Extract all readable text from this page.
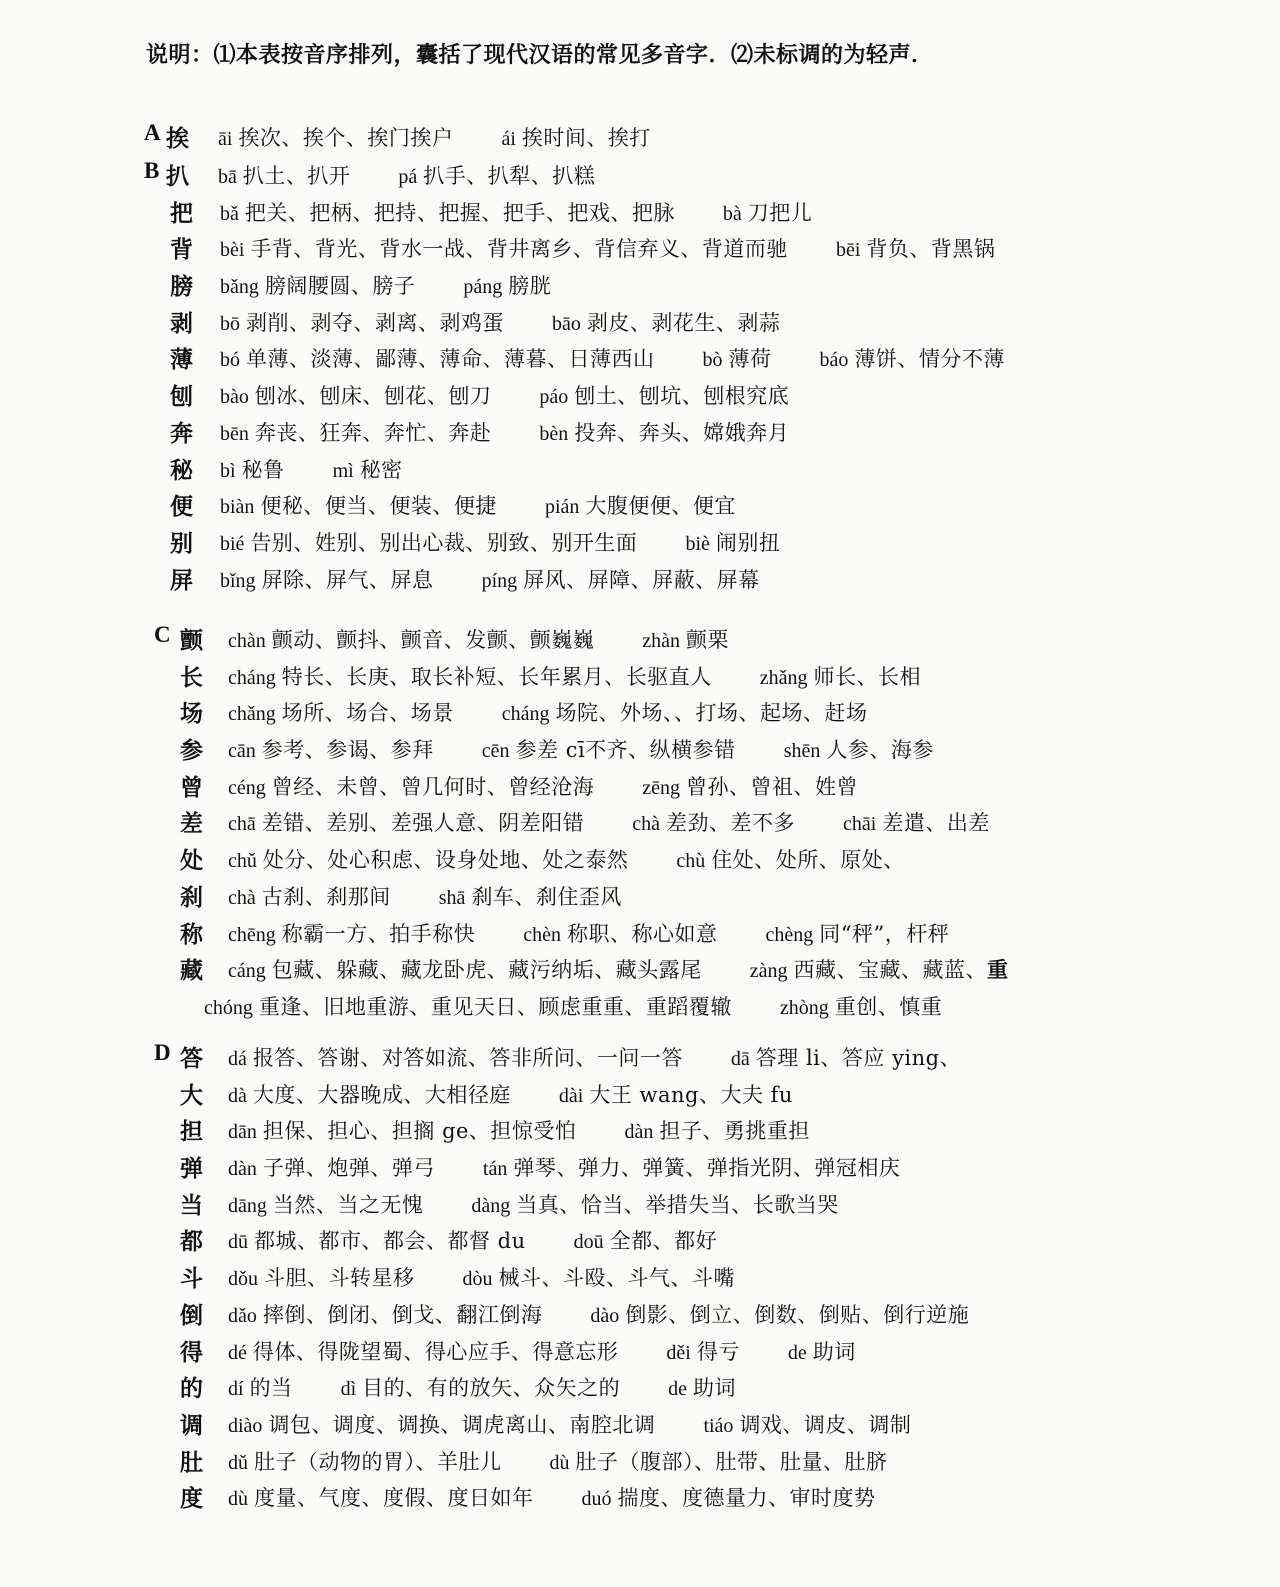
说明：⑴本表按音序排列，囊括了现代汉语的常见多音字．⑵未标调的为轻声．
A 挨 āi 挨次、挨个、挨门挨户 ái 挨时间、挨打
B 扒 bā 扒土、扒开 pá 扒手、扒犁、扒糕
把 bǎ 把关、把柄、把持、把握、把手、把戏、把脉 bà 刀把儿
背 bèi 手背、背光、背水一战、背井离乡、背信弃义、背道而驰 bēi 背负、背黑锅
膀 bǎng 膀阔腰圆、膀子 páng 膀胱
剥 bō 剥削、剥夺、剥离、剥鸡蛋 bāo 剥皮、剥花生、剥蒜
薄 bó 单薄、淡薄、鄙薄、薄命、薄暮、日薄西山 bò 薄荷 báo 薄饼、情分不薄
刨 bào 刨冰、刨床、刨花、刨刀 páo 刨土、刨坑、刨根究底
奔 bēn 奔丧、狂奔、奔忙、奔赴 bèn 投奔、奔头、嫦娥奔月
秘 bì 秘鲁 mì 秘密
便 biàn 便秘、便当、便装、便捷 pián 大腹便便、便宜
别 bié 告别、姓别、别出心裁、别致、别开生面 biè 闹别扭
屏 bǐng 屏除、屏气、屏息 píng 屏风、屏障、屏蔽、屏幕
C 颤 chàn 颤动、颤抖、颤音、发颤、颤巍巍 zhàn 颤栗
长 cháng 特长、长庚、取长补短、长年累月、长驱直人 zhǎng 师长、长相
场 chǎng 场所、场合、场景 cháng 场院、外场、、打场、起场、赶场
参 cān 参考、参谒、参拜 cēn 参差 cī不齐、纵横参错 shēn 人参、海参
曾 céng 曾经、未曾、曾几何时、曾经沧海 zēng 曾孙、曾祖、姓曾
差 chā 差错、差别、差强人意、阴差阳错 chà 差劲、差不多 chāi 差遣、出差
处 chǔ 处分、处心积虑、设身处地、处之泰然 chù 住处、处所、原处、
刹 chà 古刹、刹那间 shā 刹车、刹住歪风
称 chēng 称霸一方、拍手称快 chèn 称职、称心如意 chèng 同“秤”，杆秤
藏 cáng 包藏、躲藏、藏龙卧虎、藏污纳垢、藏头露尾 zàng 西藏、宝藏、藏蓝、重
chóng 重逢、旧地重游、重见天日、顾虑重重、重蹈覆辙 zhòng 重创、慎重
D 答 dá 报答、答谢、对答如流、答非所问、一问一答 dā 答理 li、答应 ying、
大 dà 大度、大器晚成、大相径庭 dài 大王 wang、大夫 fu
担 dān 担保、担心、担搁 ge、担惊受怕 dàn 担子、勇挑重担
弹 dàn 子弹、炮弹、弹弓 tán 弹琴、弹力、弹簧、弹指光阴、弹冠相庆
当 dāng 当然、当之无愧 dàng 当真、恰当、举措失当、长歌当哭
都 dū 都城、都市、都会、都督 du doū 全都、都好
斗 dǒu 斗胆、斗转星移 dòu 械斗、斗殴、斗气、斗嘴
倒 dǎo 摔倒、倒闭、倒戈、翻江倒海 dào 倒影、倒立、倒数、倒贴、倒行逆施
得 dé 得体、得陇望蜀、得心应手、得意忘形 děi 得亏 de 助词
的 dí 的当 dì 目的、有的放矢、众矢之的 de 助词
调 diào 调包、调度、调换、调虎离山、南腔北调 tiáo 调戏、调皮、调制
肚 dǔ 肚子（动物的胃）、羊肚儿 dù 肚子（腹部）、肚带、肚量、肚脐
度 dù 度量、气度、度假、度日如年 duó 揣度、度德量力、审时度势
